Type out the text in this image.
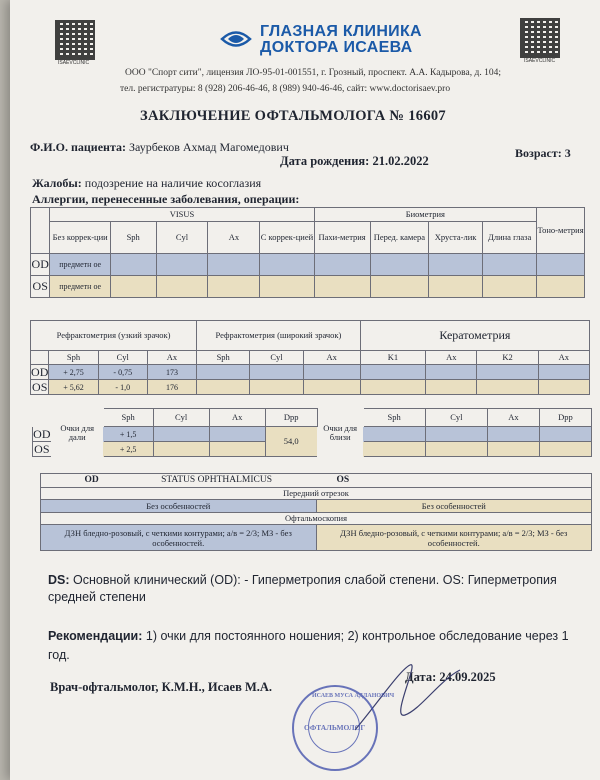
ISAEVCLINIC	ISAEVCLINIC
ГЛАЗНАЯ КЛИНИКА
ДОКТОРА ИСАЕВА
ООО "Спорт сити", лицензия ЛО-95-01-001551, г. Грозный, проспект. А.А. Кадырова, д. 104;
тел. регистратуры: 8 (928) 206-46-46, 8 (989) 940-46-46, сайт: www.doctorisaev.pro
ЗАКЛЮЧЕНИЕ ОФТАЛЬМОЛОГА № 16607
Ф.И.О. пациента: Заурбеков Ахмад Магомедович
Дата рождения: 21.02.2022
Возраст: 3
Жалобы: подозрение на наличие косоглазия
Аллергии, перенесенные заболевания, операции:
	VISUS					Биометрия				Тоно-метрия
	Без коррек-ции	Sph	Cyl	Ax	С коррек-цией	Пахи-метрия	Перед. камера	Хруста-лик	Длина глаза	
OD	предметн ое									
OS	предметн ое									
Рефрактометрия (узкий зрачок)				Рефрактометрия (широкий зрачок)			Кератометрия			
	Sph	Cyl	Ax	Sph	Cyl	Ax	K1	Ax	K2	Ax
OD	+ 2,75	- 0,75	173							
OS	+ 5,62	- 1,0	176							
	Очки для дали	Sph	Cyl	Ax	Dpp	Очки для близи	Sph	Cyl	Ax	Dpp
OD		+ 1,5			54,0					
OS		+ 2,5								
OD STATUS OPHTHALMICUS	OS
Передний отрезок	
Без особенностей	Без особенностей
Офтальмоскопия	
ДЗН бледно-розовый, с четкими контурами; а/в = 2/3; МЗ - без особенностей.	ДЗН бледно-розовый, с четкими контурами; а/в = 2/3; МЗ - без особенностей.
DS: Основной клинический (OD): - Гиперметропия слабой степени. OS: Гиперметропия средней степени
Рекомендации: 1) очки для постоянного ношения; 2) контрольное обследование через 1 год.
Врач-офтальмолог, К.М.Н., Исаев М.А.
Дата: 24.09.2025
ИСАЕВ МУСА АДЛАНОВИЧ
ОФТАЛЬМОЛОГ
